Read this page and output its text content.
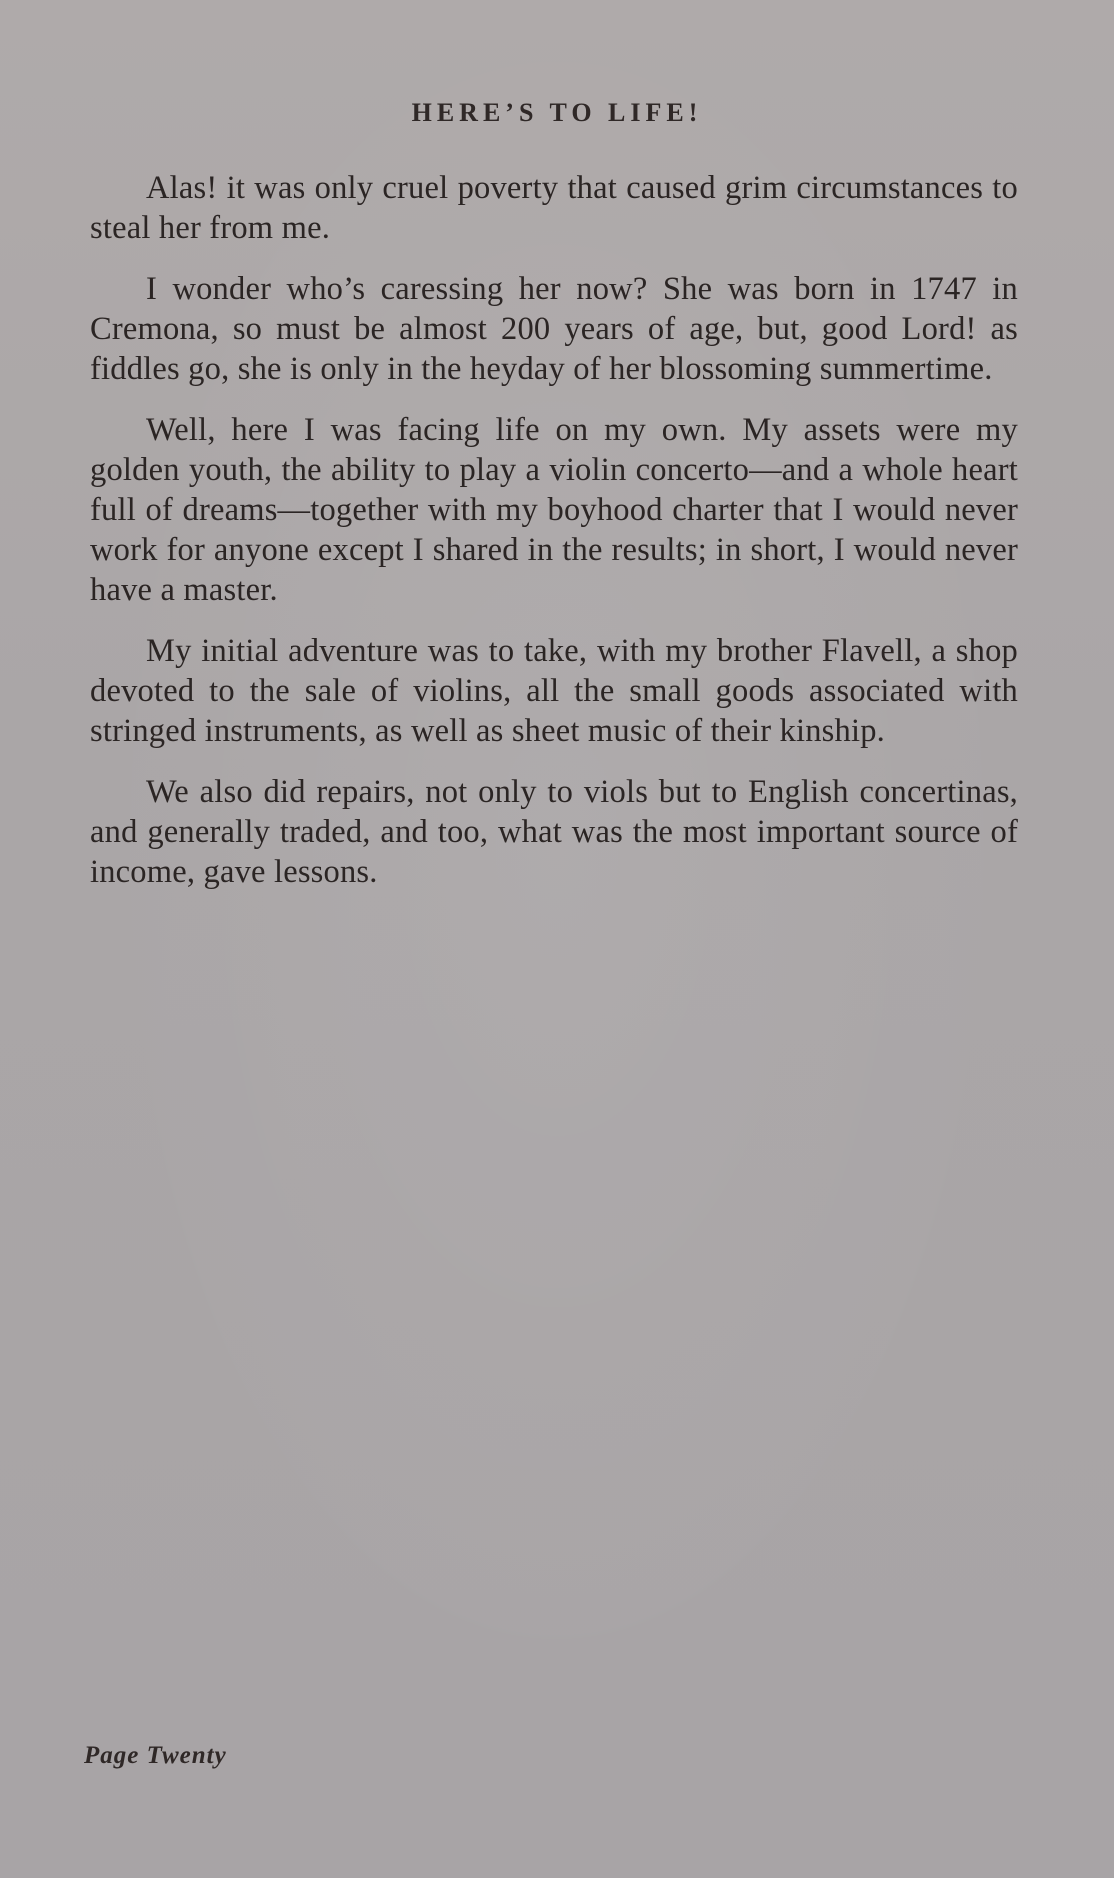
HERE’S TO LIFE!

Alas! it was only cruel poverty that caused grim circumstances to steal her from me.

I wonder who’s caressing her now? She was born in 1747 in Cremona, so must be almost 200 years of age, but, good Lord! as fiddles go, she is only in the heyday of her blossoming summertime.

Well, here I was facing life on my own. My assets were my golden youth, the ability to play a violin concerto—and a whole heart full of dreams—together with my boyhood charter that I would never work for anyone except I shared in the results; in short, I would never have a master.

My initial adventure was to take, with my brother Flavell, a shop devoted to the sale of violins, all the small goods associated with stringed instruments, as well as sheet music of their kinship.

We also did repairs, not only to viols but to English concertinas, and generally traded, and too, what was the most important source of income, gave lessons.

Page Twenty
